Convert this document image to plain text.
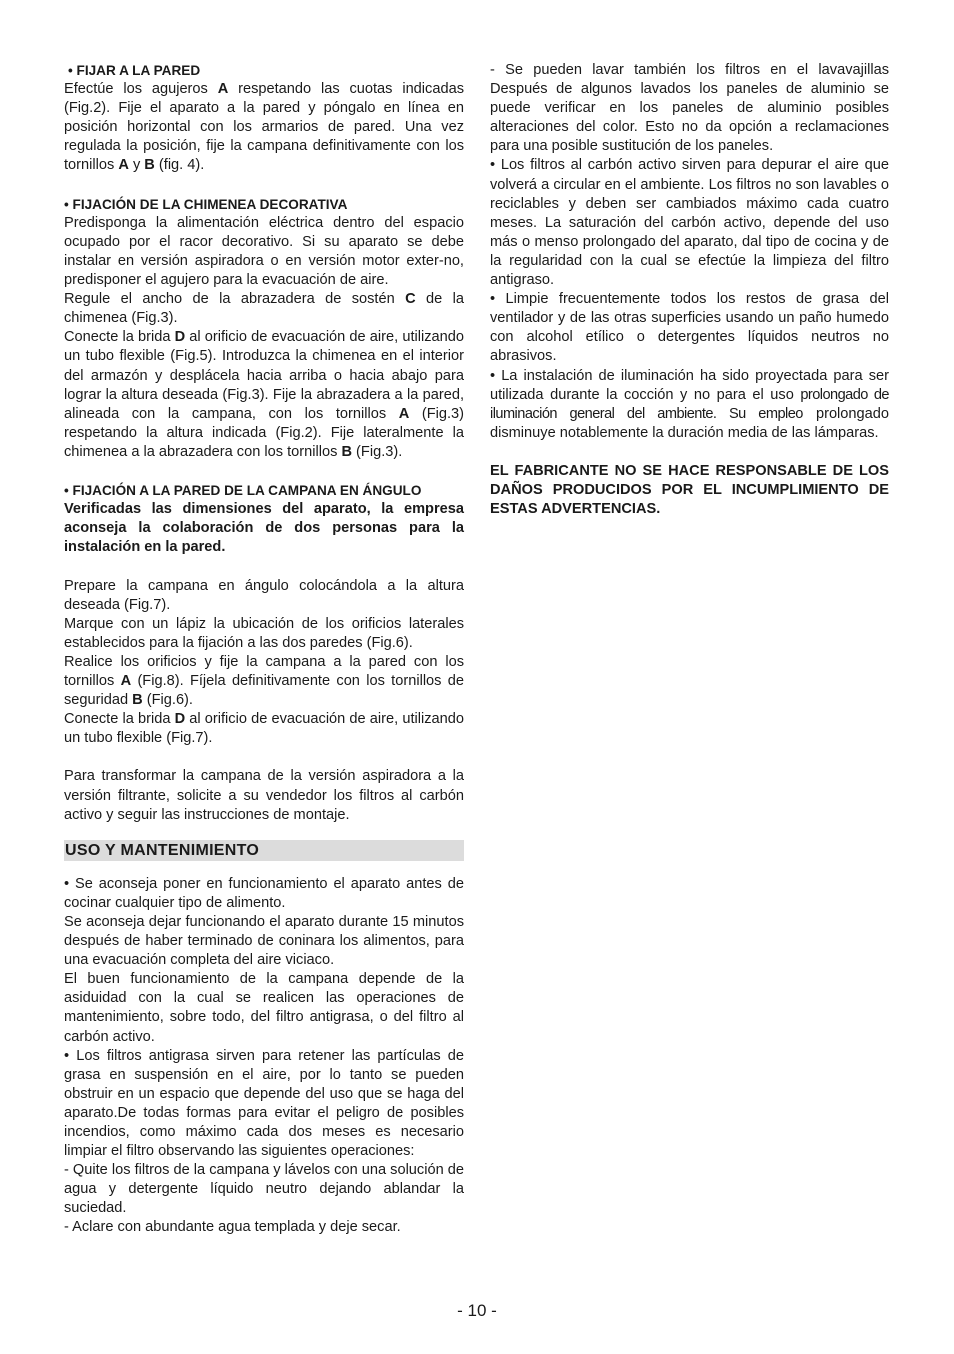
• FIJAR A LA PARED

Efectúe los agujeros A respetando las cuotas indicadas (Fig.2). Fije el aparato a la pared y póngalo en línea en posición horizontal con los armarios de pared. Una vez regulada la posición, fije la campana definitivamente con los tornillos A y B (fig. 4).

• FIJACIÓN DE LA CHIMENEA DECORATIVA

Predisponga la alimentación eléctrica dentro del espacio ocupado por el racor decorativo. Si su aparato se debe instalar en versión aspiradora o en versión motor exter-no, predisponer el agujero para la evacuación de aire.

Regule el ancho de la abrazadera de sostén C de la chimenea (Fig.3).

Conecte la brida D al orificio de evacuación de aire, utilizando un tubo flexible (Fig.5). Introduzca la chimenea en el interior del armazón y desplácela hacia arriba o hacia abajo para lograr la altura deseada (Fig.3). Fije la abrazadera a la pared, alineada con la campana, con los tornillos A (Fig.3) respetando la altura indicada (Fig.2). Fije lateralmente la chimenea a la abrazadera con los tornillos B (Fig.3).

• FIJACIÓN A LA PARED DE LA CAMPANA EN ÁNGULO

Verificadas las dimensiones del aparato, la empresa aconseja la colaboración de dos personas para la instalación en la pared.

Prepare la campana en ángulo colocándola a la altura deseada (Fig.7).

Marque con un lápiz la ubicación de los orificios laterales establecidos para la fijación a las dos paredes (Fig.6).

Realice los orificios y fije la campana a la pared con los tornillos A (Fig.8). Fíjela definitivamente con los tornillos de seguridad B (Fig.6).

Conecte la brida D al orificio de evacuación de aire, utilizando un tubo flexible (Fig.7).

Para transformar la campana de la versión aspiradora a la versión filtrante, solicite a su vendedor los filtros al carbón activo y seguir las instrucciones de montaje.

USO Y MANTENIMIENTO

• Se aconseja poner en funcionamiento el aparato antes de cocinar cualquier tipo de alimento.

Se aconseja dejar funcionando el aparato durante 15 minutos después de haber terminado de coninara los alimentos, para una evacuación completa del aire viciaco.

El buen funcionamiento de la campana depende de la asiduidad con la cual se realicen las operaciones de mantenimiento, sobre todo, del filtro antigrasa, o del filtro al carbón activo.

• Los filtros antigrasa sirven para retener las partículas de grasa en suspensión en el aire, por lo tanto se pueden obstruir en un espacio que depende del uso que se haga del aparato.De todas formas para evitar el peligro de posibles incendios, como máximo cada dos meses es necesario limpiar el filtro observando las siguientes operaciones:

- Quite los filtros de la campana y lávelos con una solución de agua y detergente líquido neutro dejando ablandar la suciedad.

- Aclare con abundante agua templada y deje secar.

- Se pueden lavar también los filtros en el lavavajillas Después de algunos lavados los paneles de aluminio se puede verificar en los paneles de aluminio posibles alteraciones del color. Esto no da opción a reclamaciones para una posible sustitución de los paneles.

• Los filtros al carbón activo sirven para depurar el aire que volverá a circular en el ambiente. Los filtros no son lavables o reciclables y deben ser cambiados máximo cada cuatro meses. La saturación del carbón activo, depende del uso más o menso prolongado del aparato, dal tipo de cocina y de la regularidad con la cual se efectúe la limpieza del filtro antigraso.

• Limpie frecuentemente todos los restos de grasa del ventilador y de las otras superficies usando un paño humedo con alcohol etílico o detergentes líquidos neutros no abrasivos.

• La instalación de iluminación ha sido proyectada para ser utilizada durante la cocción y no para el uso prolongado de iluminación general del ambiente. Su empleo prolongado disminuye notablemente la duración media de las lámparas.

EL FABRICANTE NO SE HACE RESPONSABLE DE LOS DAÑOS PRODUCIDOS POR EL INCUMPLIMIENTO DE ESTAS ADVERTENCIAS.

- 10 -
